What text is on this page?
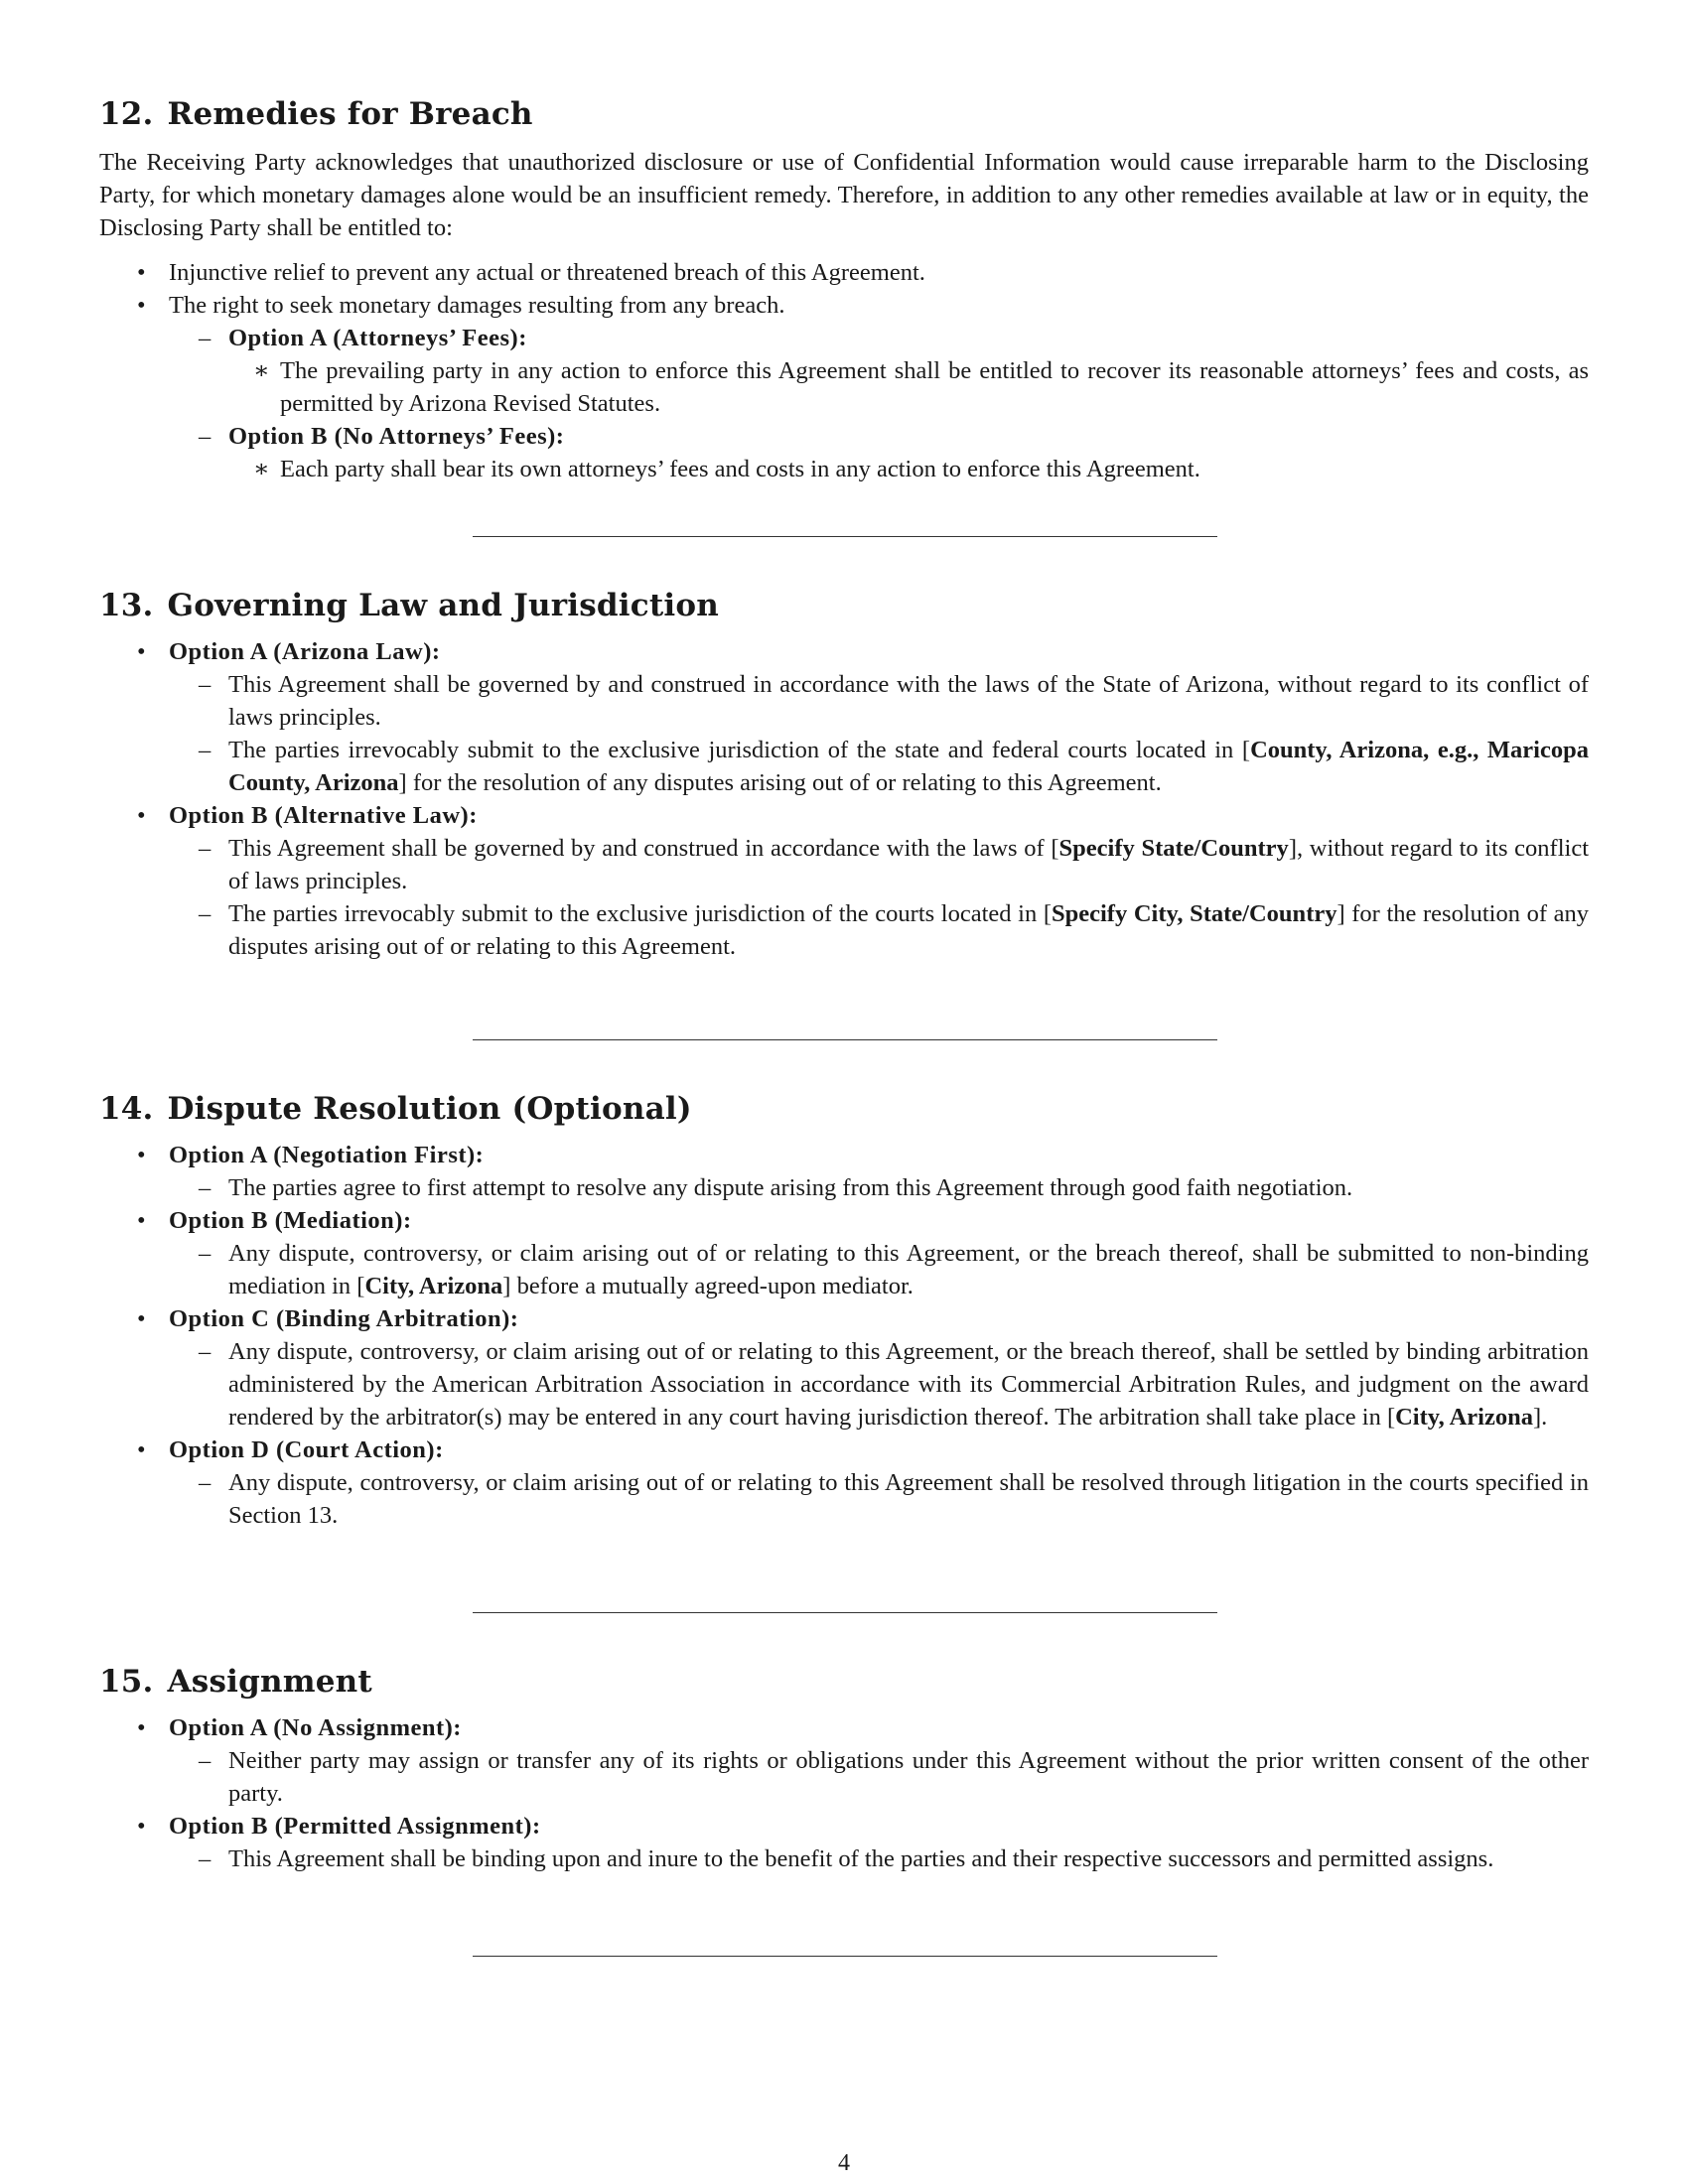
12. Remedies for Breach

The Receiving Party acknowledges that unauthorized disclosure or use of Confidential Information would cause irreparable harm to the Disclosing Party, for which monetary damages alone would be an insufficient remedy. Therefore, in addition to any other remedies available at law or in equity, the Disclosing Party shall be entitled to:

• Injunctive relief to prevent any actual or threatened breach of this Agreement.
• The right to seek monetary damages resulting from any breach.
– Option A (Attorneys’ Fees):
∗ The prevailing party in any action to enforce this Agreement shall be entitled to recover its reasonable attorneys’ fees and costs, as permitted by Arizona Revised Statutes.
– Option B (No Attorneys’ Fees):
∗ Each party shall bear its own attorneys’ fees and costs in any action to enforce this Agreement.
13. Governing Law and Jurisdiction
• Option A (Arizona Law):
– This Agreement shall be governed by and construed in accordance with the laws of the State of Arizona, without regard to its conflict of laws principles.
– The parties irrevocably submit to the exclusive jurisdiction of the state and federal courts located in [County, Arizona, e.g., Maricopa County, Arizona] for the resolution of any disputes arising out of or relating to this Agreement.
• Option B (Alternative Law):
– This Agreement shall be governed by and construed in accordance with the laws of [Specify State/Country], without regard to its conflict of laws principles.
– The parties irrevocably submit to the exclusive jurisdiction of the courts located in [Specify City, State/Country] for the resolution of any disputes arising out of or relating to this Agreement.
14. Dispute Resolution (Optional)
• Option A (Negotiation First):
– The parties agree to first attempt to resolve any dispute arising from this Agreement through good faith negotiation.
• Option B (Mediation):
– Any dispute, controversy, or claim arising out of or relating to this Agreement, or the breach thereof, shall be submitted to non-binding mediation in [City, Arizona] before a mutually agreed-upon mediator.
• Option C (Binding Arbitration):
– Any dispute, controversy, or claim arising out of or relating to this Agreement, or the breach thereof, shall be settled by binding arbitration administered by the American Arbitration Association in accordance with its Commercial Arbitration Rules, and judgment on the award rendered by the arbitrator(s) may be entered in any court having jurisdiction thereof. The arbitration shall take place in [City, Arizona].
• Option D (Court Action):
– Any dispute, controversy, or claim arising out of or relating to this Agreement shall be resolved through litigation in the courts specified in Section 13.
15. Assignment
• Option A (No Assignment):
– Neither party may assign or transfer any of its rights or obligations under this Agreement without the prior written consent of the other party.
• Option B (Permitted Assignment):
– This Agreement shall be binding upon and inure to the benefit of the parties and their respective successors and permitted assigns.
4
